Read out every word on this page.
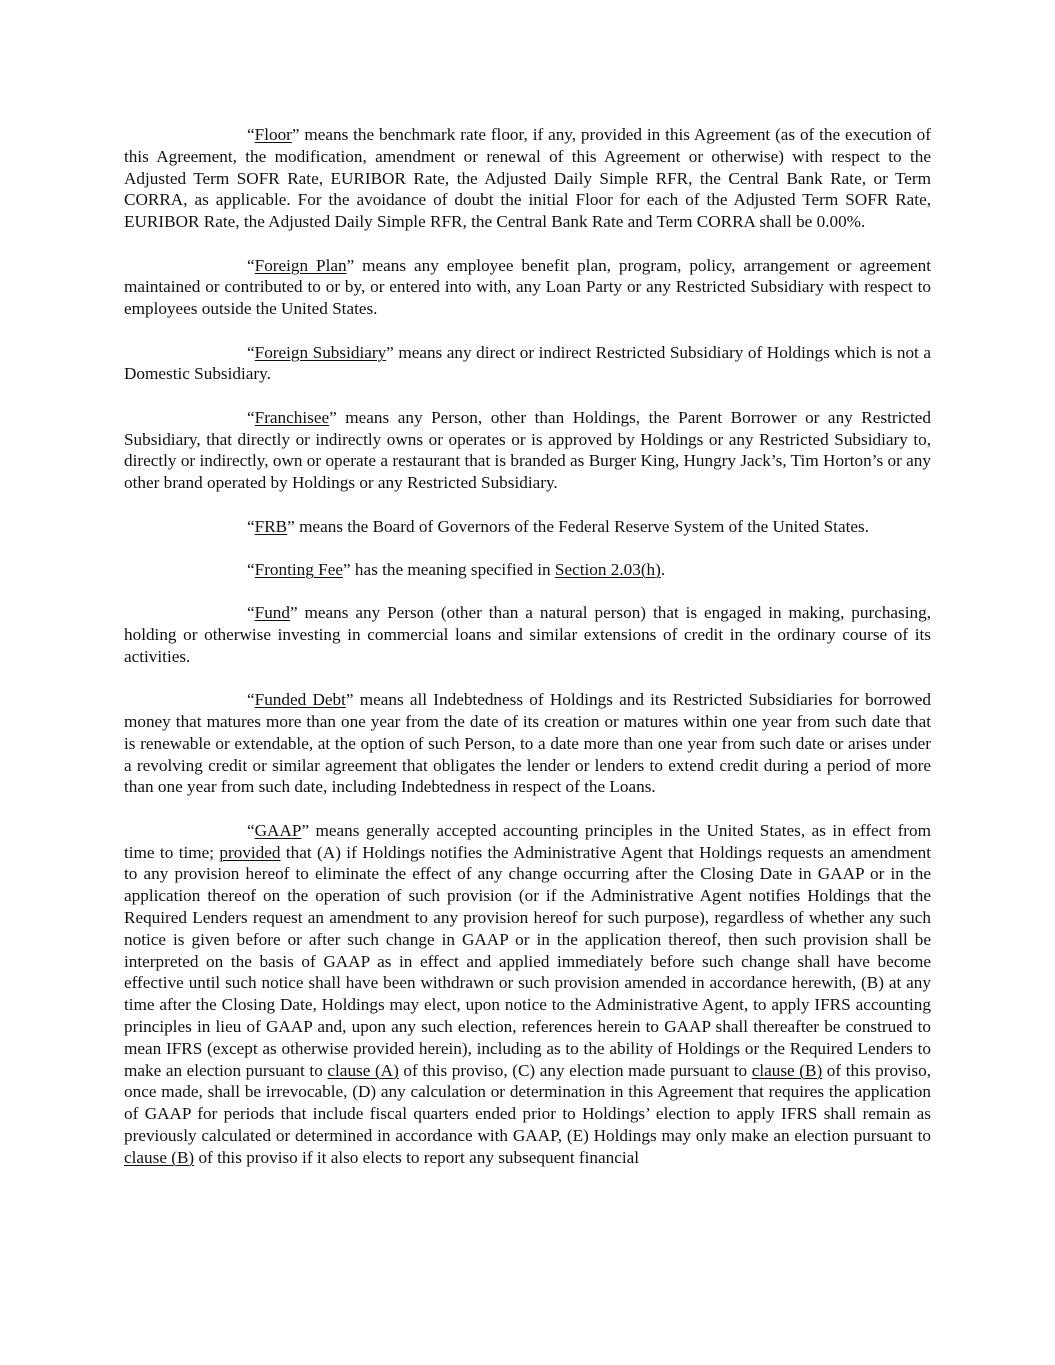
“Floor” means the benchmark rate floor, if any, provided in this Agreement (as of the execution of this Agreement, the modification, amendment or renewal of this Agreement or otherwise) with respect to the Adjusted Term SOFR Rate, EURIBOR Rate, the Adjusted Daily Simple RFR, the Central Bank Rate, or Term CORRA, as applicable. For the avoidance of doubt the initial Floor for each of the Adjusted Term SOFR Rate, EURIBOR Rate, the Adjusted Daily Simple RFR, the Central Bank Rate and Term CORRA shall be 0.00%.

“Foreign Plan” means any employee benefit plan, program, policy, arrangement or agreement maintained or contributed to or by, or entered into with, any Loan Party or any Restricted Subsidiary with respect to employees outside the United States.

“Foreign Subsidiary” means any direct or indirect Restricted Subsidiary of Holdings which is not a Domestic Subsidiary.

“Franchisee” means any Person, other than Holdings, the Parent Borrower or any Restricted Subsidiary, that directly or indirectly owns or operates or is approved by Holdings or any Restricted Subsidiary to, directly or indirectly, own or operate a restaurant that is branded as Burger King, Hungry Jack’s, Tim Horton’s or any other brand operated by Holdings or any Restricted Subsidiary.

“FRB” means the Board of Governors of the Federal Reserve System of the United States.

“Fronting Fee” has the meaning specified in Section 2.03(h).

“Fund” means any Person (other than a natural person) that is engaged in making, purchasing, holding or otherwise investing in commercial loans and similar extensions of credit in the ordinary course of its activities.

“Funded Debt” means all Indebtedness of Holdings and its Restricted Subsidiaries for borrowed money that matures more than one year from the date of its creation or matures within one year from such date that is renewable or extendable, at the option of such Person, to a date more than one year from such date or arises under a revolving credit or similar agreement that obligates the lender or lenders to extend credit during a period of more than one year from such date, including Indebtedness in respect of the Loans.

“GAAP” means generally accepted accounting principles in the United States, as in effect from time to time; provided that (A) if Holdings notifies the Administrative Agent that Holdings requests an amendment to any provision hereof to eliminate the effect of any change occurring after the Closing Date in GAAP or in the application thereof on the operation of such provision (or if the Administrative Agent notifies Holdings that the Required Lenders request an amendment to any provision hereof for such purpose), regardless of whether any such notice is given before or after such change in GAAP or in the application thereof, then such provision shall be interpreted on the basis of GAAP as in effect and applied immediately before such change shall have become effective until such notice shall have been withdrawn or such provision amended in accordance herewith, (B) at any time after the Closing Date, Holdings may elect, upon notice to the Administrative Agent, to apply IFRS accounting principles in lieu of GAAP and, upon any such election, references herein to GAAP shall thereafter be construed to mean IFRS (except as otherwise provided herein), including as to the ability of Holdings or the Required Lenders to make an election pursuant to clause (A) of this proviso, (C) any election made pursuant to clause (B) of this proviso, once made, shall be irrevocable, (D) any calculation or determination in this Agreement that requires the application of GAAP for periods that include fiscal quarters ended prior to Holdings’ election to apply IFRS shall remain as previously calculated or determined in accordance with GAAP, (E) Holdings may only make an election pursuant to clause (B) of this proviso if it also elects to report any subsequent financial
